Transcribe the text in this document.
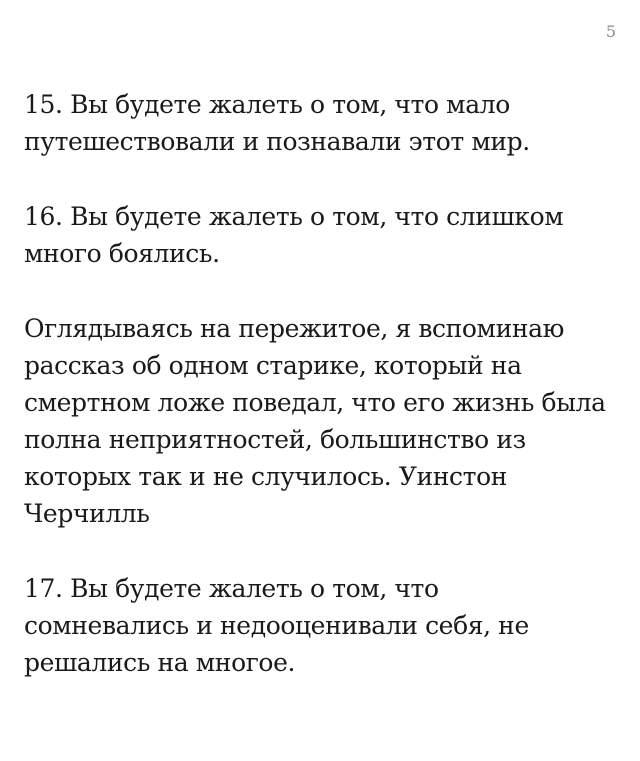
5

15. Вы будете жалеть о том, что мало
путешествовали и познавали этот мир.

16. Вы будете жалеть о том, что слишком
много боялись.

Оглядываясь на пережитое, я вспоминаю
рассказ об одном старике, который на
смертном ложе поведал, что его жизнь была
полна неприятностей, большинство из
которых так и не случилось. Уинстон
Черчилль

17. Вы будете жалеть о том, что
сомневались и недооценивали себя, не
решались на многое.
